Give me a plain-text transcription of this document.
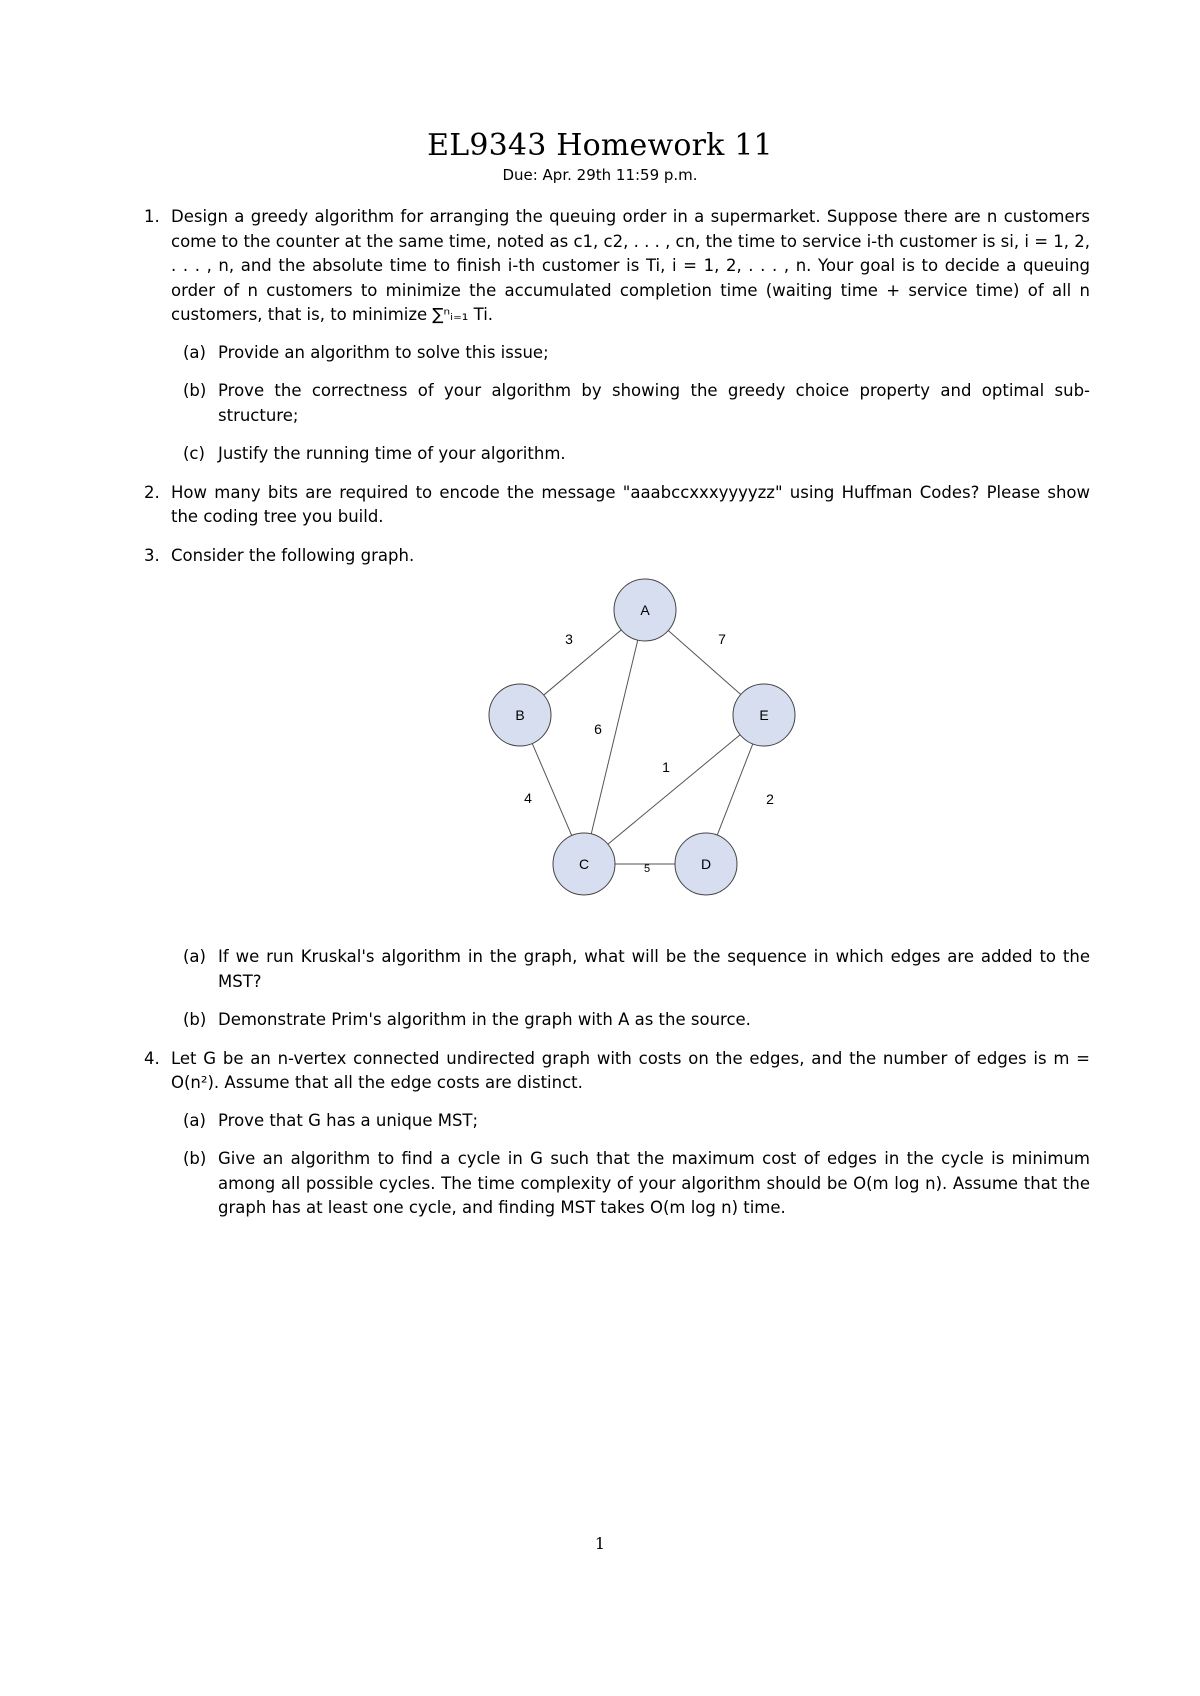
EL9343 Homework 11
Due: Apr. 29th 11:59 p.m.
1. Design a greedy algorithm for arranging the queuing order in a supermarket. Suppose there are n customers come to the counter at the same time, noted as c1, c2, . . . , cn, the time to service i-th customer is si, i = 1, 2, . . . , n, and the absolute time to finish i-th customer is Ti, i = 1, 2, . . . , n. Your goal is to decide a queuing order of n customers to minimize the accumulated completion time (waiting time + service time) of all n customers, that is, to minimize ∑ⁿᵢ₌₁ Ti.
(a) Provide an algorithm to solve this issue;
(b) Prove the correctness of your algorithm by showing the greedy choice property and optimal sub-structure;
(c) Justify the running time of your algorithm.
2. How many bits are required to encode the message "aaabccxxxyyyyzz" using Huffman Codes? Please show the coding tree you build.
3. Consider the following graph.
3	7
6
4
1
2
5
A
B	E
C	D
(a) If we run Kruskal's algorithm in the graph, what will be the sequence in which edges are added to the MST?
(b) Demonstrate Prim's algorithm in the graph with A as the source.
4. Let G be an n-vertex connected undirected graph with costs on the edges, and the number of edges is m = O(n²). Assume that all the edge costs are distinct.
(a) Prove that G has a unique MST;
(b) Give an algorithm to find a cycle in G such that the maximum cost of edges in the cycle is minimum among all possible cycles. The time complexity of your algorithm should be O(m log n). Assume that the graph has at least one cycle, and finding MST takes O(m log n) time.
1
